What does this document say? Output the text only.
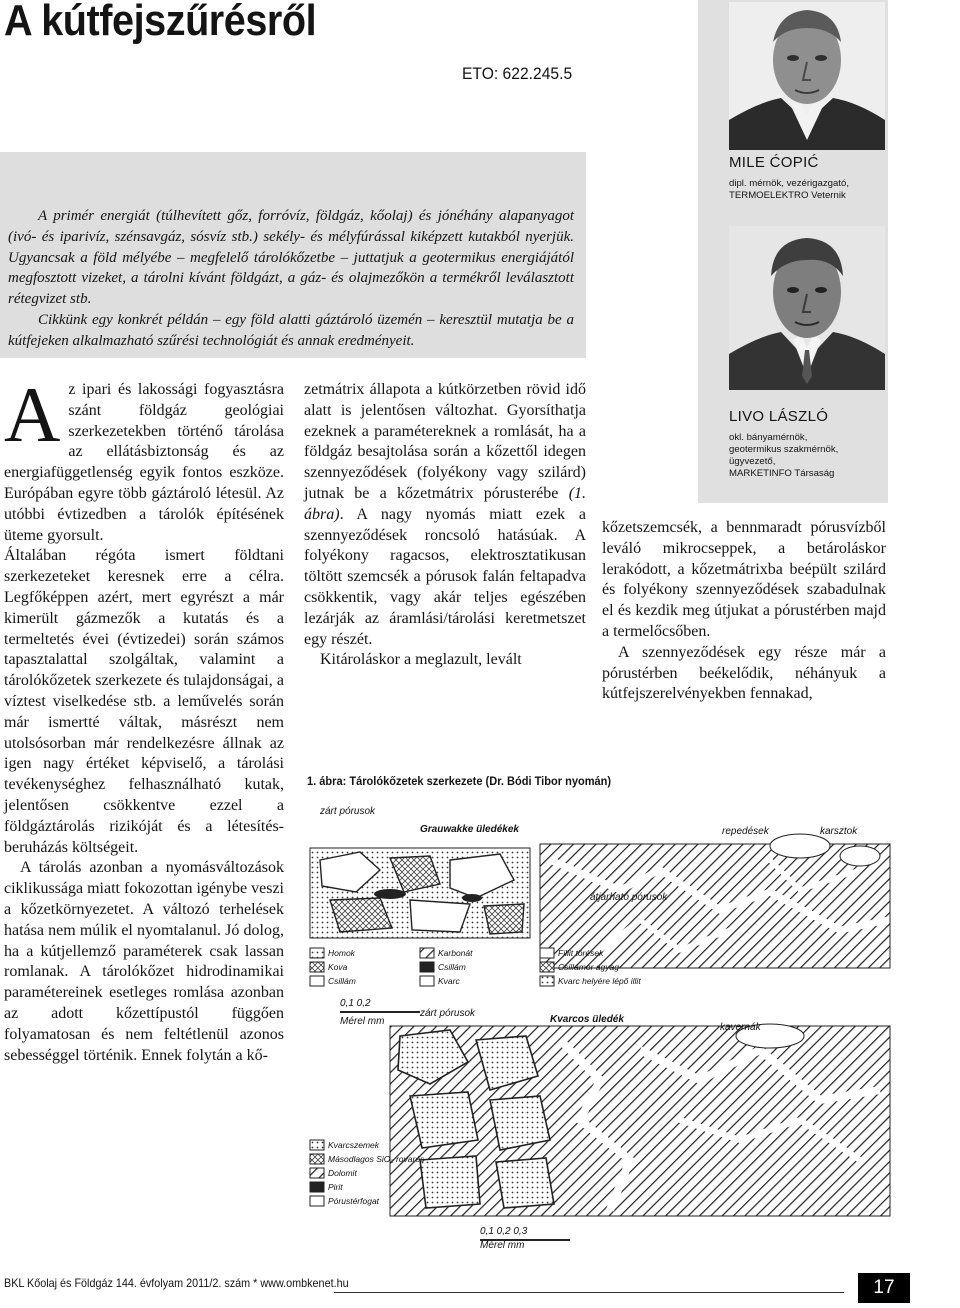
A kútfejszűrésről
ETO: 622.245.5

A primér energiát (túlhevített gőz, forróvíz, földgáz, kőolaj) és jónéhány alapanyagot (ivó- és iparivíz, szénsavgáz, sósvíz stb.) sekély- és mélyfúrással kiképzett kutakból nyerjük. Ugyancsak a föld mélyébe – megfelelő tárolókőzetbe – juttatjuk a geotermikus energiájától megfosztott vizeket, a tárolni kívánt földgázt, a gáz- és olajmezőkön a termékről leválasztott rétegvizet stb.

Cikkünk egy konkrét példán – egy föld alatti gáztároló üzemén – keresztül mutatja be a kútfejeken alkalmazható szűrési technológiát és annak eredményeit.

MILE ĆOPIĆ
dipl. mérnök, vezérigazgató,
TERMOELEKTRO Veternik
LIVO LÁSZLÓ
okl. bányamérnök,
geotermikus szakmérnök,
ügyvezető,
MARKETINFO Társaság
A z ipari és lakossági fogyasztásra szánt földgáz geológiai szerkezetekben történő tárolása az ellátásbiztonság és az energiafüggetlenség egyik fontos eszköze. Európában egyre több gáztároló létesül. Az utóbbi évtizedben a tárolók építésének üteme gyorsult.

Általában régóta ismert földtani szerkezeteket keresnek erre a célra. Legfőképpen azért, mert egyrészt a már kimerült gázmezők a kutatás és a termeltetés évei (évtizedei) során számos tapasztalattal szolgáltak, valamint a tárolókőzetek szerkezete és tulajdonságai, a víztest viselkedése stb. a leművelés során már ismertté váltak, másrészt nem utolsósorban már rendelkezésre állnak az igen nagy értéket képviselő, a tárolási tevékenységhez felhasználható kutak, jelentősen csökkentve ezzel a földgáztárolás rizikóját és a létesítés-beruházás költségeit.

A tárolás azonban a nyomásváltozások ciklikussága miatt fokozottan igénybe veszi a kőzetkörnyezetet. A változó terhelések hatása nem múlik el nyomtalanul. Jó dolog, ha a kútjellemző paraméterek csak lassan romlanak. A tárolókőzet hidrodinamikai paramétereinek esetleges romlása azonban az adott kőzettípustól függően folyamatosan és nem feltétlenül azonos sebességgel történik. Ennek folytán a kő-

zetmátrix állapota a kútkörzetben rövid idő alatt is jelentősen változhat. Gyorsíthatja ezeknek a paramétereknek a romlását, ha a földgáz besajtolása során a kőzettől idegen szennyeződések (folyékony vagy szilárd) jutnak be a kőzetmátrix pórusterébe (1. ábra). A nagy nyomás miatt ezek a szennyeződések roncsoló hatásúak. A folyékony ragacsos, elektrosztatikusan töltött szemcsék a pórusok falán feltapadva csökkentik, vagy akár teljes egészében lezárják az áramlási/tárolási keretmetszet egy részét.

Kitároláskor a meglazult, levált

kőzetszemcsék, a bennmaradt pórusvízből leváló mikrocseppek, a betároláskor lerakódott, a kőzetmátrixba beépült szilárd és folyékony szennyeződések szabadulnak el és kezdik meg útjukat a pórustérben majd a termelőcsőben.

A szennyeződések egy része már a pórustérben beékelődik, néhányuk a kútfejszerelvényekben fennakad,

1. ábra: Tárolókőzetek szerkezete (Dr. Bódi Tibor nyomán)
zárt pórusok
Grauwakke üledékek	repedések	karsztok
átjárható pórusok
0,1 0,2
Mérel mm	Kvarcos üledék
zárt pórusok
kavernák
0,1 0,2 0,3
Homok
Kova
Csillám
Karbonát
Csillám
Kvarc
Fillit törések
Csillámor agyag
Kvarc helyére lépő illit
Kvarcszemek
Másodlagos SiO₂ rovarés
Dolomit
Pirit
Pórustérfogat
Mérel mm
BKL Kőolaj és Földgáz 144. évfolyam 2011/2. szám * www.ombkenet.hu	17
